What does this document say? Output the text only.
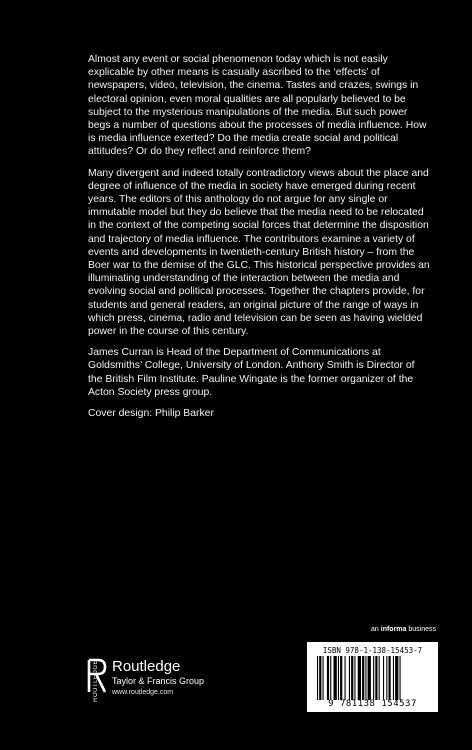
Almost any event or social phenomenon today which is not easily explicable by other means is casually ascribed to the ‘effects’ of newspapers, video, television, the cinema. Tastes and crazes, swings in electoral opinion, even moral qualities are all popularly believed to be subject to the mysterious manipulations of the media. But such power begs a number of questions about the processes of media influence. How is media influence exerted? Do the media create social and political attitudes? Or do they reflect and reinforce them?

Many divergent and indeed totally contradictory views about the place and degree of influence of the media in society have emerged during recent years. The editors of this anthology do not argue for any single or immutable model but they do believe that the media need to be relocated in the context of the competing social forces that determine the disposition and trajectory of media influence. The contributors examine a variety of events and developments in twentieth-century British history – from the Boer war to the demise of the GLC. This historical perspective provides an illuminating understanding of the interaction between the media and evolving social and political processes. Together the chapters provide, for students and general readers, an original picture of the range of ways in which press, cinema, radio and television can be seen as having wielded power in the course of this century.

James Curran is Head of the Department of Communications at Goldsmiths’ College, University of London. Anthony Smith is Director of the British Film Institute. Pauline Wingate is the former organizer of the Acton Society press group.

Cover design: Philip Barker

an informa business
ROUTLEDGE Routledge
Taylor & Francis Group
www.routledge.com
ISBN 978-1-138-15453-7
9 781138 154537
